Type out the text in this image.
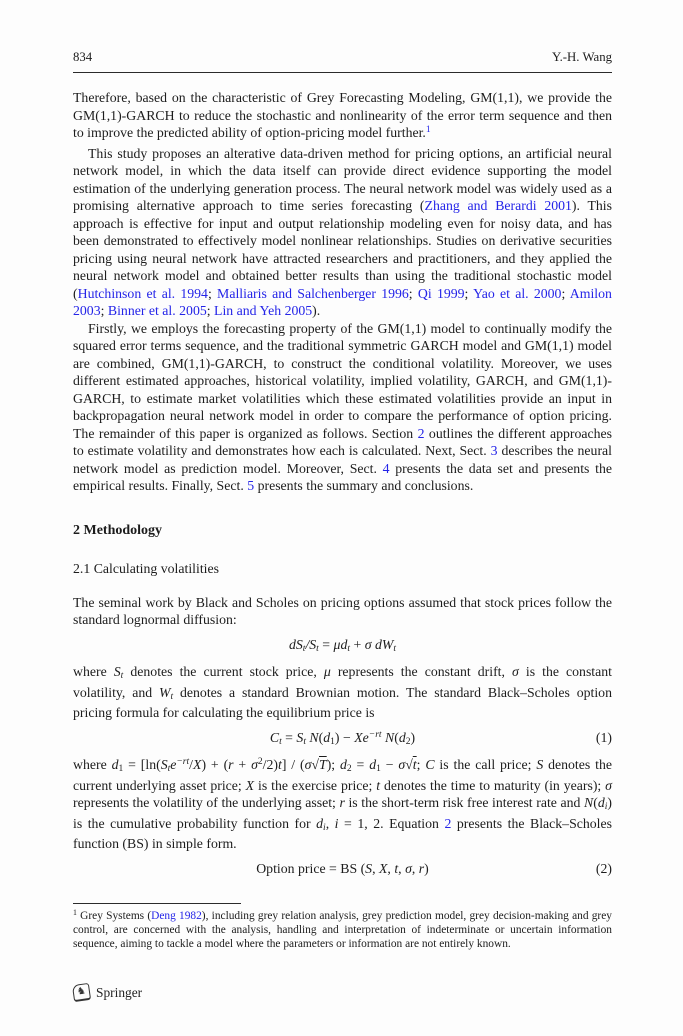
834	Y.-H. Wang
Therefore, based on the characteristic of Grey Forecasting Modeling, GM(1,1), we provide the GM(1,1)-GARCH to reduce the stochastic and nonlinearity of the error term sequence and then to improve the predicted ability of option-pricing model further.$^1$
This study proposes an alterative data-driven method for pricing options, an artificial neural network model, in which the data itself can provide direct evidence supporting the model estimation of the underlying generation process. The neural network model was widely used as a promising alternative approach to time series forecasting (Zhang and Berardi 2001). This approach is effective for input and output relationship modeling even for noisy data, and has been demonstrated to effectively model nonlinear relationships. Studies on derivative securities pricing using neural network have attracted researchers and practitioners, and they applied the neural network model and obtained better results than using the traditional stochastic model (Hutchinson et al. 1994; Malliaris and Salchenberger 1996; Qi 1999; Yao et al. 2000; Amilon 2003; Binner et al. 2005; Lin and Yeh 2005).
Firstly, we employs the forecasting property of the GM(1,1) model to continually modify the squared error terms sequence, and the traditional symmetric GARCH model and GM(1,1) model are combined, GM(1,1)-GARCH, to construct the conditional volatility. Moreover, we uses different estimated approaches, historical volatility, implied volatility, GARCH, and GM(1,1)-GARCH, to estimate market volatilities which these estimated volatilities provide an input in backpropagation neural network model in order to compare the performance of option pricing. The remainder of this paper is organized as follows. Section 2 outlines the different approaches to estimate volatility and demonstrates how each is calculated. Next, Sect. 3 describes the neural network model as prediction model. Moreover, Sect. 4 presents the data set and presents the empirical results. Finally, Sect. 5 presents the summary and conclusions.
2 Methodology
2.1 Calculating volatilities
The seminal work by Black and Scholes on pricing options assumed that stock prices follow the standard lognormal diffusion:
dSt/St = μdt + σ dWt
where St denotes the current stock price, μ represents the constant drift, σ is the constant volatility, and Wt denotes a standard Brownian motion. The standard Black–Scholes option pricing formula for calculating the equilibrium price is
Ct = St $N(d1) - Xe^{-rt}$ N(d2)	(1)
where $d1 = [\ln(Ste^{-rt}/X) + (r + \sigma^2/2)t] / (\sigma√T)$; d2 = d1 − σ√t; C is the call price; S denotes the current underlying asset price; X is the exercise price; t denotes the time to maturity (in years); σ represents the volatility of the underlying asset; r is the short-term risk free interest rate and N(di) is the cumulative probability function for di, i = 1, 2. Equation 2 presents the Black–Scholes function (BS) in simple form.
Option price = BS (S, X, t, σ, r)	(2)
$^1$ Grey Systems (Deng 1982), including grey relation analysis, grey prediction model, grey decision-making and grey control, are concerned with the analysis, handling and interpretation of indeterminate or uncertain information sequence, aiming to tackle a model where the parameters or information are not entirely known.
♞ Springer
